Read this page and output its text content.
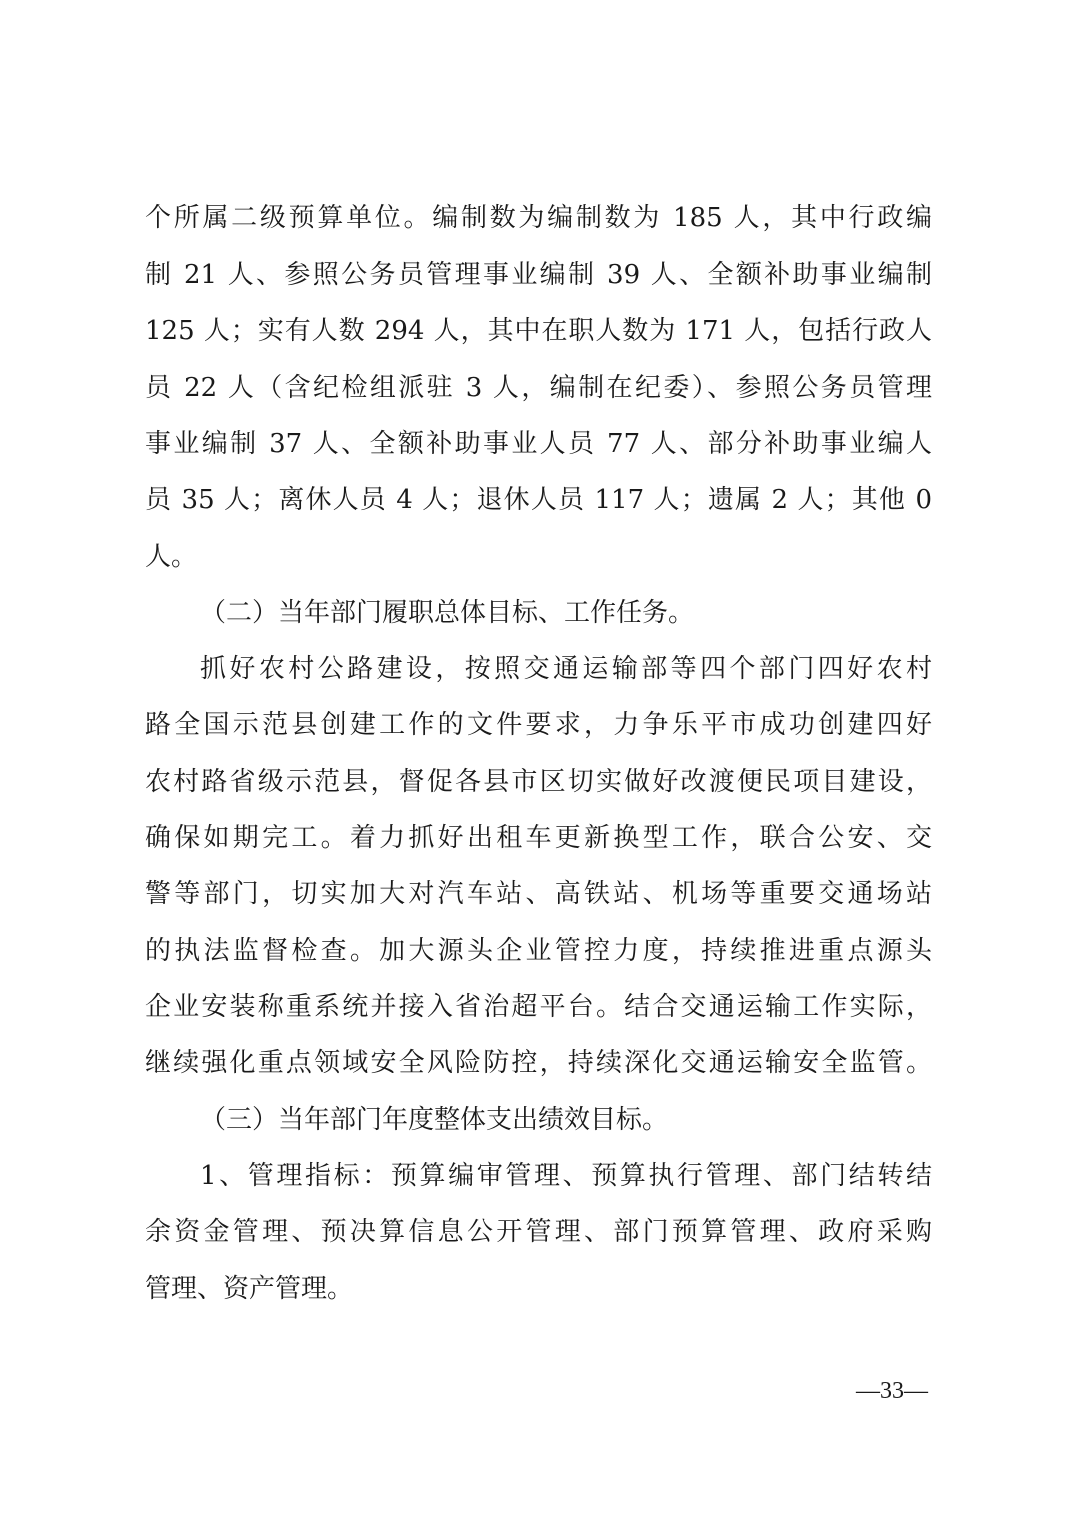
个所属二级预算单位。编制数为编制数为 185 人，其中行政编
制 21 人、参照公务员管理事业编制 39 人、全额补助事业编制
125 人；实有人数 294 人，其中在职人数为 171 人，包括行政人
员 22 人（含纪检组派驻 3 人，编制在纪委）、参照公务员管理
事业编制 37 人、全额补助事业人员 77 人、部分补助事业编人
员 35 人；离休人员 4 人；退休人员 117 人；遗属 2 人；其他 0
人。
（二）当年部门履职总体目标、工作任务。
抓好农村公路建设，按照交通运输部等四个部门四好农村
路全国示范县创建工作的文件要求，力争乐平市成功创建四好
农村路省级示范县，督促各县市区切实做好改渡便民项目建设，
确保如期完工。着力抓好出租车更新换型工作，联合公安、交
警等部门，切实加大对汽车站、高铁站、机场等重要交通场站
的执法监督检查。加大源头企业管控力度，持续推进重点源头
企业安装称重系统并接入省治超平台。结合交通运输工作实际，
继续强化重点领域安全风险防控，持续深化交通运输安全监管。
（三）当年部门年度整体支出绩效目标。
1、管理指标：预算编审管理、预算执行管理、部门结转结
余资金管理、预决算信息公开管理、部门预算管理、政府采购
管理、资产管理。
—33—
